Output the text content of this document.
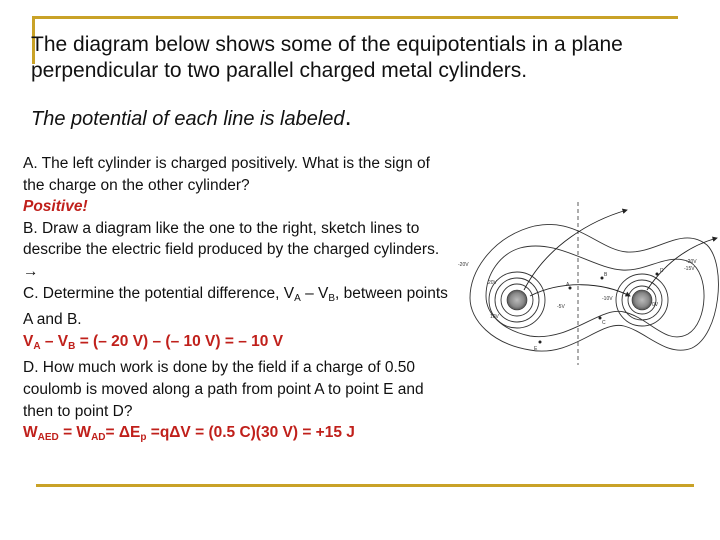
The diagram below shows some of the equipotentials in a plane perpendicular to two parallel charged metal cylinders.

The potential of each line is labeled.

A. The left cylinder is charged positively. What is the sign of the charge on the other cylinder?

Positive!

B. Draw a diagram like the one to the right, sketch lines to describe the electric field produced by the charged cylinders. →

C. Determine the potential difference, $V_A - V_B$, between points A and B.

$V_A - V_B$ = (– 20 V) – (– 10 V) = – 10 V

D. How much work is done by the field if a charge of 0.50 coulomb is moved along a path from point A to point E and then to point D?

$W_{AED} = W_{AD}= \Delta E_p =q\Delta V = (0.5$ C)(30 V) = +15 J

-20V
20V
10V
A
B
C
D
E
-10V
-5V
-15V
0V
-20V
